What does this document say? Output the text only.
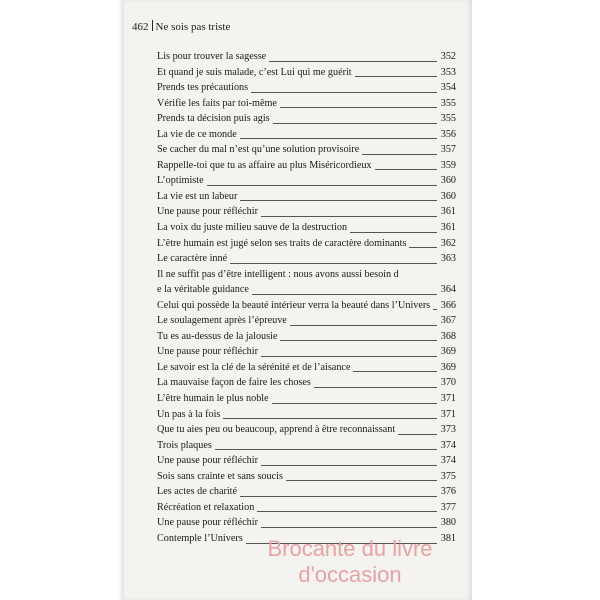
462 Ne sois pas triste
Lis pour trouver la sagesse	352
Et quand je suis malade, c’est Lui qui me guérit	353
Prends tes précautions	354
Vérifie les faits par toi-même	355
Prends ta décision puis agis	355
La vie de ce monde	356
Se cacher du mal n’est qu’une solution provisoire	357
Rappelle-toi que tu as affaire au plus Miséricordieux	359
L’optimiste	360
La vie est un labeur	360
Une pause pour réfléchir	361
La voix du juste milieu sauve de la destruction	361
L’être humain est jugé selon ses traits de caractère dominants	362
Le caractère inné	363
Il ne suffit pas d’être intelligent : nous avons aussi besoin d
e la véritable guidance	364
Celui qui possède la beauté intérieur verra la beauté dans l’Univers 366
Le soulagement après l’épreuve	367
Tu es au-dessus de la jalousie	368
Une pause pour réfléchir	369
Le savoir est la clé de la sérénité et de l’aisance	369
La mauvaise façon de faire les choses	370
L’être humain le plus noble	371
Un pas à la fois	371
Que tu aies peu ou beaucoup, apprend à être reconnaissant	373
Trois plaques	374
Une pause pour réfléchir	374
Sois sans crainte et sans soucis	375
Les actes de charité	376
Récréation et relaxation	377
Une pause pour réfléchir	380
Contemple l’Univers	381
Brocante du livre
d'occasion
